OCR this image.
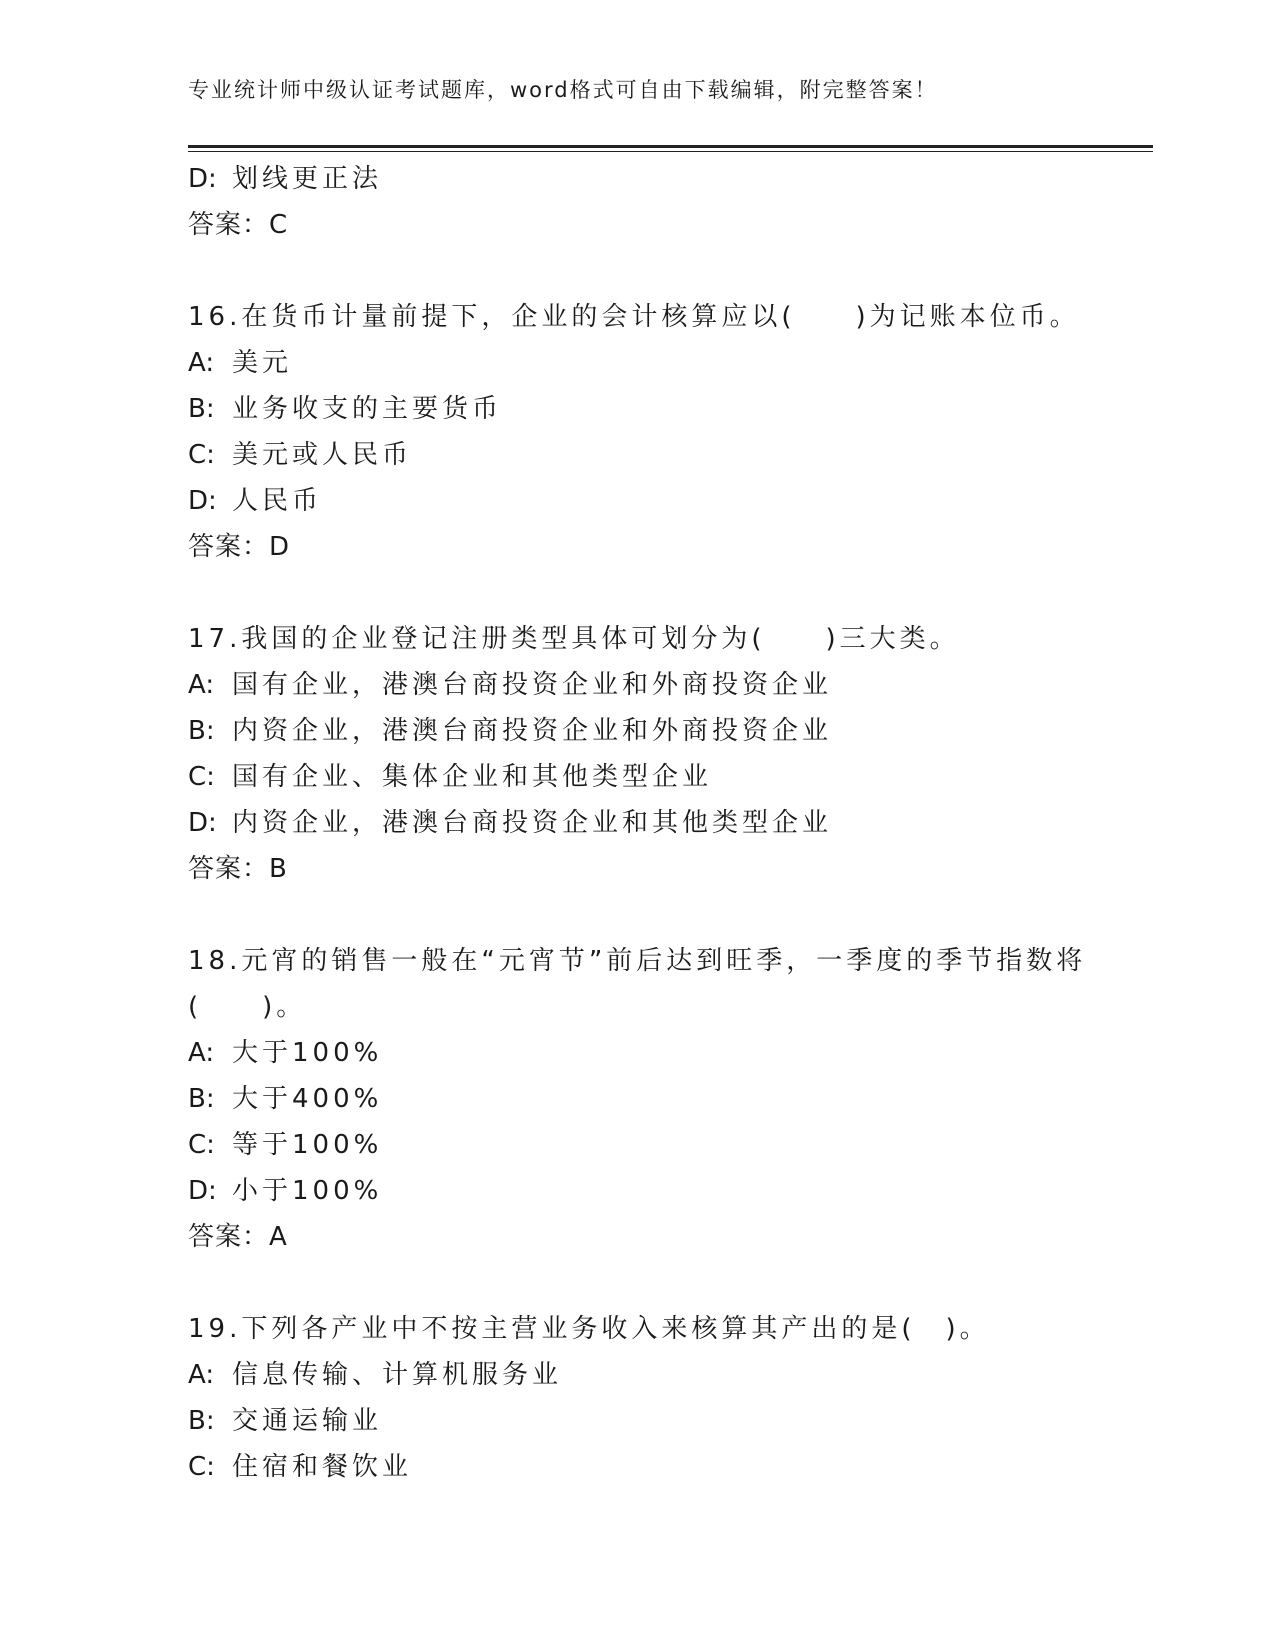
专业统计师中级认证考试题库，word格式可自由下载编辑，附完整答案！
D: 划线更正法
答案：C
16.在货币计量前提下，企业的会计核算应以(　　)为记账本位币。
A: 美元
B: 业务收支的主要货币
C: 美元或人民币
D: 人民币
答案：D
17.我国的企业登记注册类型具体可划分为(　　)三大类。
A: 国有企业，港澳台商投资企业和外商投资企业
B: 内资企业，港澳台商投资企业和外商投资企业
C: 国有企业、集体企业和其他类型企业
D: 内资企业，港澳台商投资企业和其他类型企业
答案：B
18.元宵的销售一般在“元宵节”前后达到旺季，一季度的季节指数将
(　　)。
A: 大于100%
B: 大于400%
C: 等于100%
D: 小于100%
答案：A
19.下列各产业中不按主营业务收入来核算其产出的是(　)。
A: 信息传输、计算机服务业
B: 交通运输业
C: 住宿和餐饮业
